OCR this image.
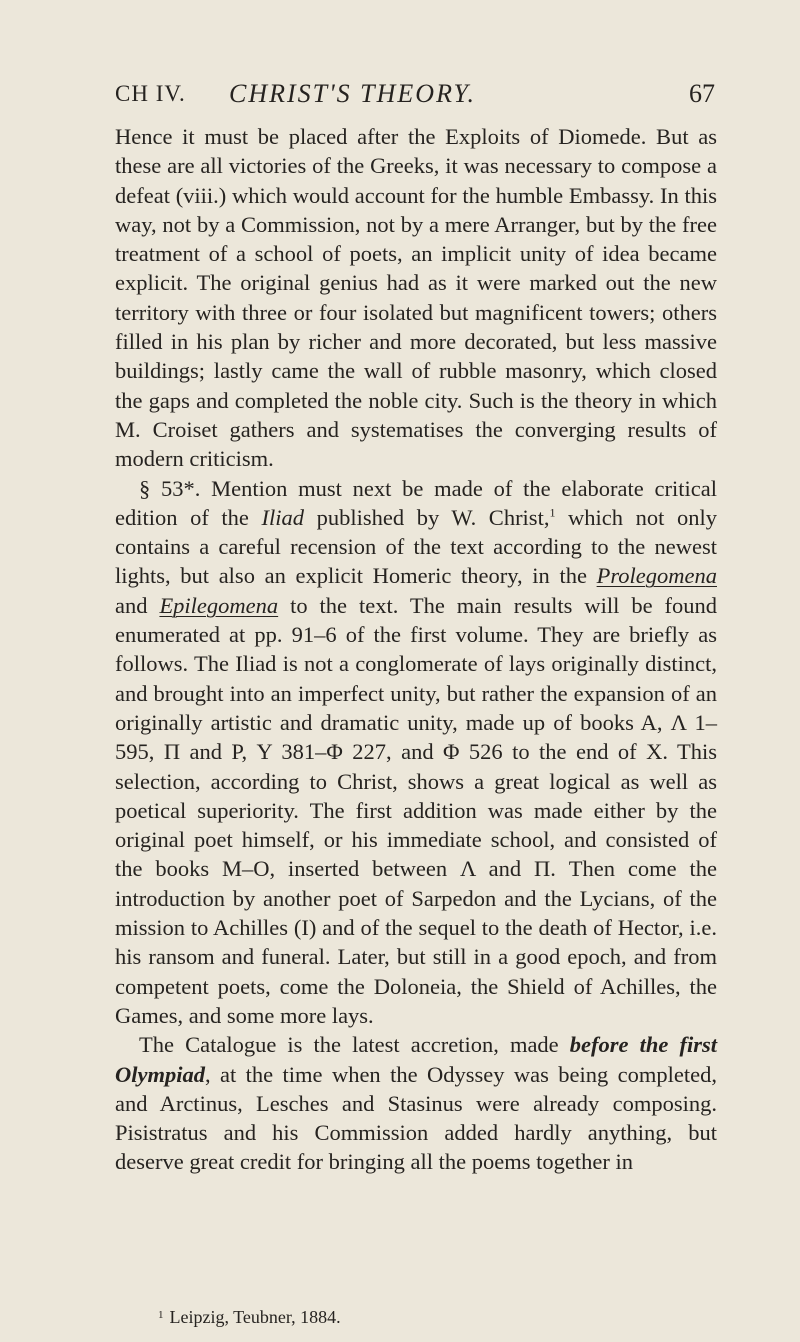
CH IV. CHRIST'S THEORY.	67

Hence it must be placed after the Exploits of Diomede. But as these are all victories of the Greeks, it was necessary to compose a defeat (viii.) which would account for the humble Embassy. In this way, not by a Commission, not by a mere Arranger, but by the free treatment of a school of poets, an implicit unity of idea became explicit. The original genius had as it were marked out the new territory with three or four isolated but magnificent towers; others filled in his plan by richer and more decorated, but less massive buildings; lastly came the wall of rubble masonry, which closed the gaps and completed the noble city. Such is the theory in which M. Croiset gathers and systematises the converging results of modern criticism.

§ 53*. Mention must next be made of the elaborate critical edition of the Iliad published by W. Christ,$^1$ which not only contains a careful recension of the text according to the newest lights, but also an explicit Homeric theory, in the Prolegomena and Epilegomena to the text. The main results will be found enumerated at pp. 91–6 of the first volume. They are briefly as follows. The Iliad is not a conglomerate of lays originally distinct, and brought into an imperfect unity, but rather the expansion of an originally artistic and dramatic unity, made up of books A, Λ 1–595, Π and P, Υ 381–Φ 227, and Φ 526 to the end of X. This selection, according to Christ, shows a great logical as well as poetical superiority. The first addition was made either by the original poet himself, or his immediate school, and consisted of the books M–O, inserted between Λ and Π. Then come the introduction by another poet of Sarpedon and the Lycians, of the mission to Achilles (I) and of the sequel to the death of Hector, i.e. his ransom and funeral. Later, but still in a good epoch, and from competent poets, come the Doloneia, the Shield of Achilles, the Games, and some more lays.

The Catalogue is the latest accretion, made before the first Olympiad, at the time when the Odyssey was being completed, and Arctinus, Lesches and Stasinus were already composing. Pisistratus and his Commission added hardly anything, but deserve great credit for bringing all the poems together in

$^1$ Leipzig, Teubner, 1884.
